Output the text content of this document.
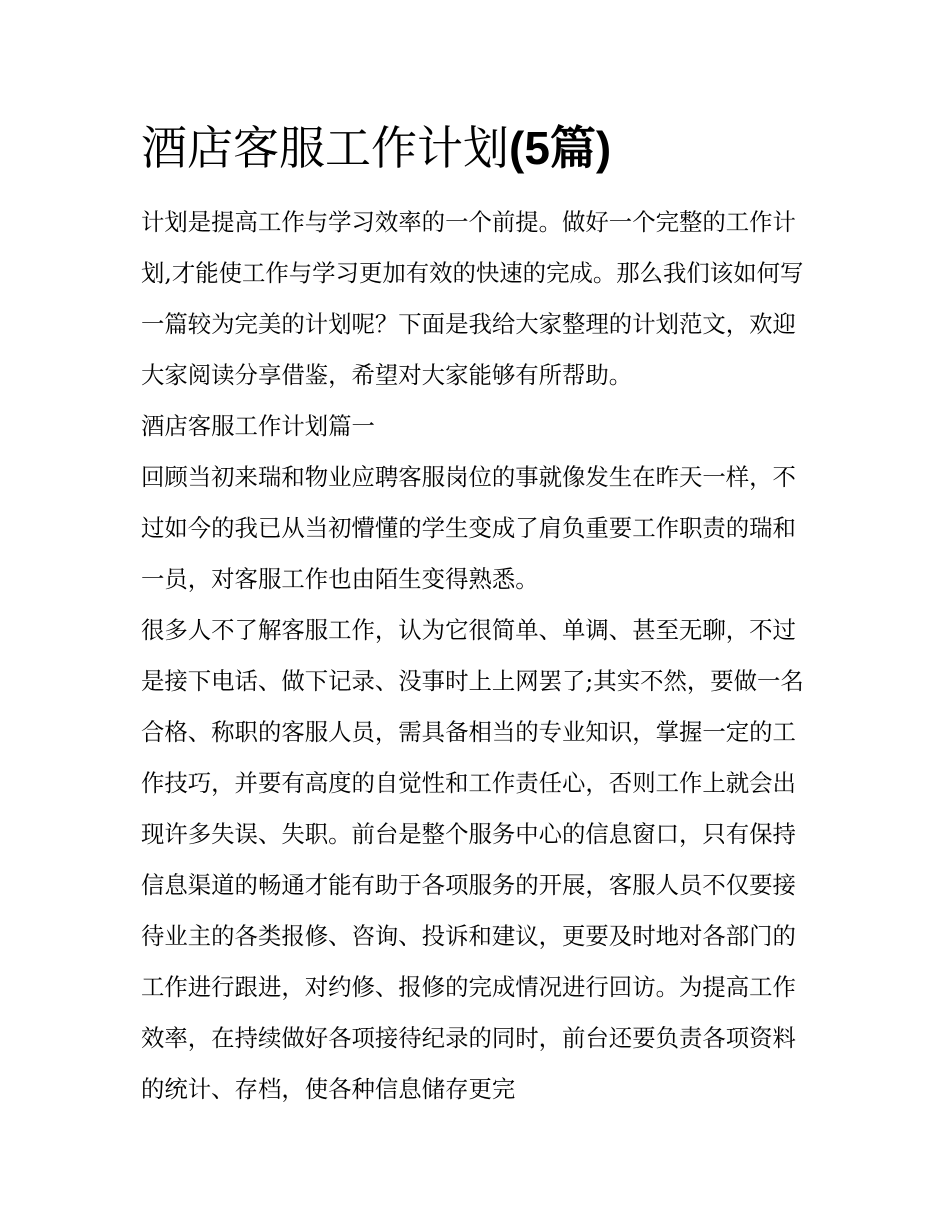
酒店客服工作计划(5篇)

计划是提高工作与学习效率的一个前提。做好一个完整的工作计划,才能使工作与学习更加有效的快速的完成。那么我们该如何写一篇较为完美的计划呢？下面是我给大家整理的计划范文，欢迎大家阅读分享借鉴，希望对大家能够有所帮助。

酒店客服工作计划篇一

回顾当初来瑞和物业应聘客服岗位的事就像发生在昨天一样，不过如今的我已从当初懵懂的学生变成了肩负重要工作职责的瑞和一员，对客服工作也由陌生变得熟悉。

很多人不了解客服工作，认为它很简单、单调、甚至无聊，不过是接下电话、做下记录、没事时上上网罢了;其实不然，要做一名合格、称职的客服人员，需具备相当的专业知识，掌握一定的工作技巧，并要有高度的自觉性和工作责任心，否则工作上就会出现许多失误、失职。前台是整个服务中心的信息窗口，只有保持信息渠道的畅通才能有助于各项服务的开展，客服人员不仅要接待业主的各类报修、咨询、投诉和建议，更要及时地对各部门的工作进行跟进，对约修、报修的完成情况进行回访。为提高工作效率，在持续做好各项接待纪录的同时，前台还要负责各项资料的统计、存档，使各种信息储存更完
